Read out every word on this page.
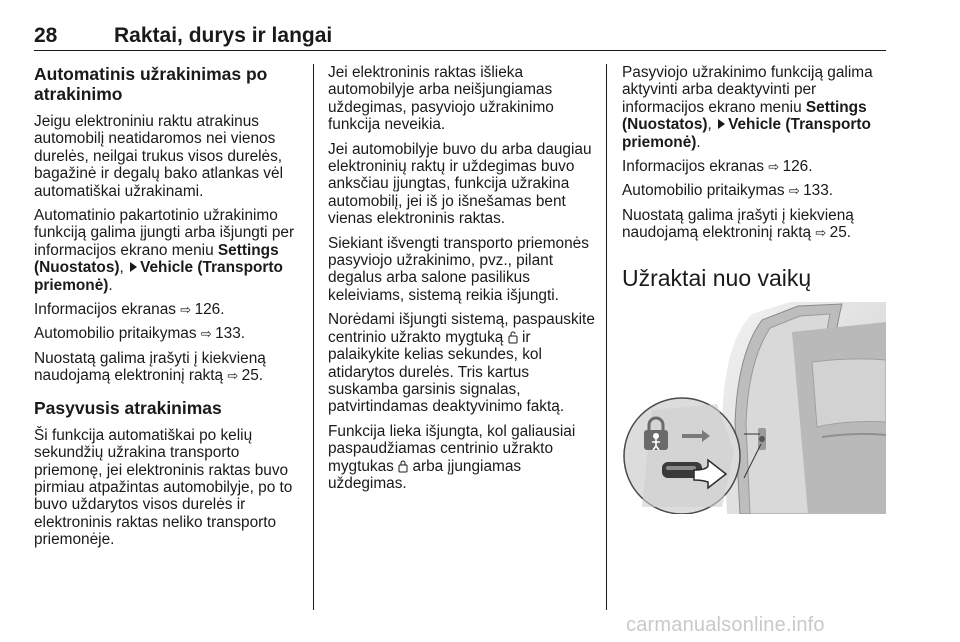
28	Raktai, durys ir langai
Automatinis užrakinimas po atrakinimo

Jeigu elektroniniu raktu atrakinus automobilį neatidaromos nei vienos durelės, neilgai trukus visos durelės, bagažinė ir degalų bako atlankas vėl automatiškai užrakinami.

Automatinio pakartotinio užrakinimo funkciją galima įjungti arba išjungti per informacijos ekrano meniu Settings (Nuostatos), Vehicle (Transporto priemonė).

Informacijos ekranas ⇨ 126.

Automobilio pritaikymas ⇨ 133.

Nuostatą galima įrašyti į kiekvieną naudojamą elektroninį raktą ⇨ 25.

Pasyvusis atrakinimas

Ši funkcija automatiškai po kelių sekundžių užrakina transporto priemonę, jei elektroninis raktas buvo pirmiau atpažintas automobilyje, po to buvo uždarytos visos durelės ir elektroninis raktas neliko transporto priemonėje.

Jei elektroninis raktas išlieka automobilyje arba neišjungiamas uždegimas, pasyviojo užrakinimo funkcija neveikia.

Jei automobilyje buvo du arba daugiau elektroninių raktų ir uždegimas buvo anksčiau įjungtas, funkcija užrakina automobilį, jei iš jo išnešamas bent vienas elektroninis raktas.

Siekiant išvengti transporto priemonės pasyviojo užrakinimo, pvz., pilant degalus arba salone pasilikus keleiviams, sistemą reikia išjungti.

Norėdami išjungti sistemą, paspauskite centrinio užrakto mygtuką ir palaikykite kelias sekundes, kol atidarytos durelės. Tris kartus suskamba garsinis signalas, patvirtindamas deaktyvinimo faktą.

Funkcija lieka išjungta, kol galiausiai paspaudžiamas centrinio užrakto mygtukas arba įjungiamas uždegimas.

Pasyviojo užrakinimo funkciją galima aktyvinti arba deaktyvinti per informacijos ekrano meniu Settings (Nuostatos), Vehicle (Transporto priemonė).

Informacijos ekranas ⇨ 126.

Automobilio pritaikymas ⇨ 133.

Nuostatą galima įrašyti į kiekvieną naudojamą elektroninį raktą ⇨ 25.

Užraktai nuo vaikų
carmanualsonline.info
